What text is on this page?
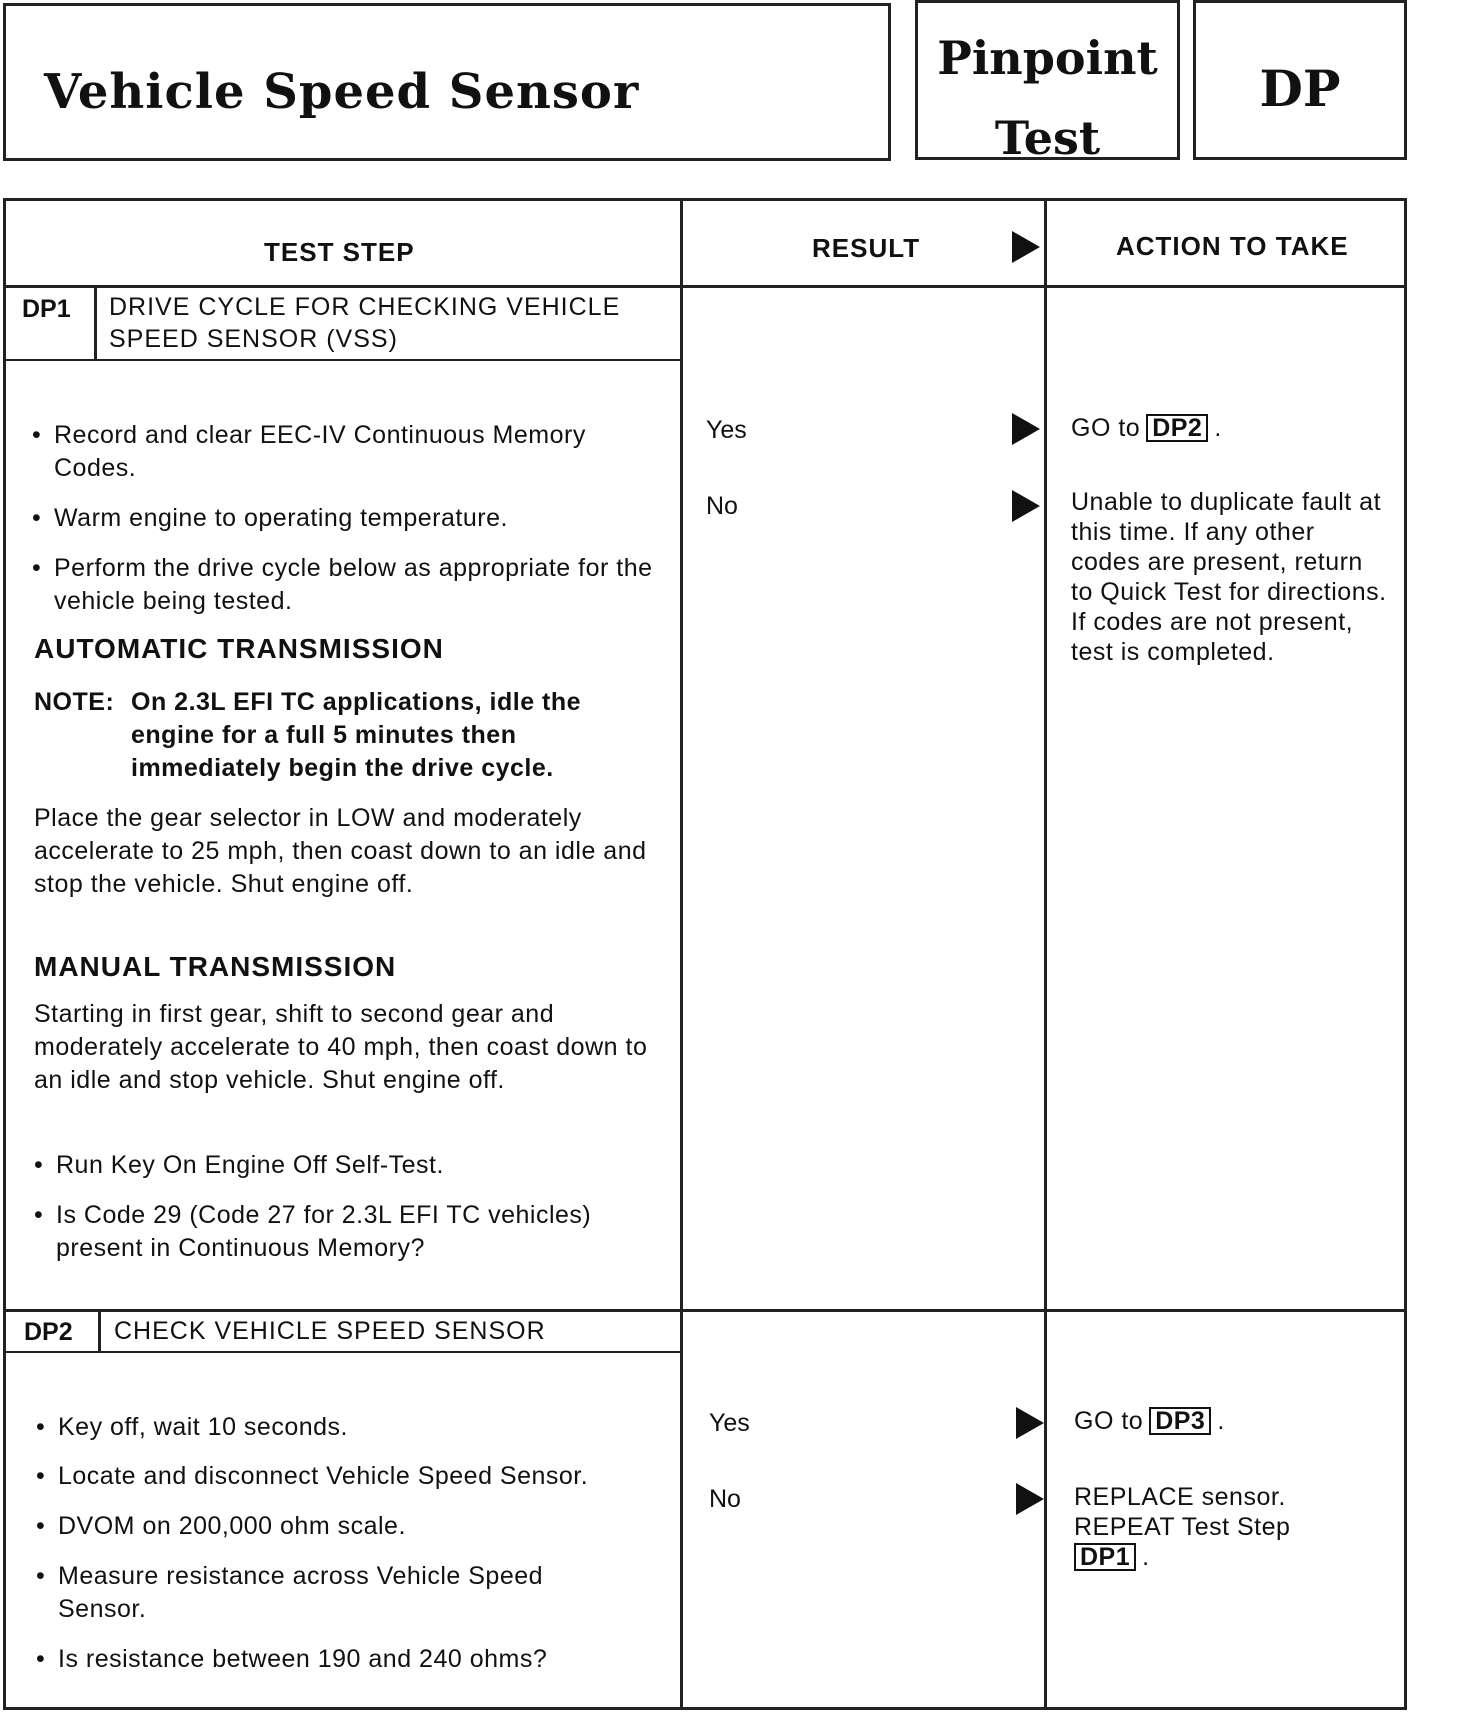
Vehicle Speed Sensor
Pinpoint
Test
DP
TEST STEP	RESULT	ACTION TO TAKE
DP1 DRIVE CYCLE FOR CHECKING VEHICLE SPEED SENSOR (VSS)
• Record and clear EEC-IV Continuous Memory Codes.
• Warm engine to operating temperature.
• Perform the drive cycle below as appropriate for the vehicle being tested.
AUTOMATIC TRANSMISSION
NOTE: On 2.3L EFI TC applications, idle the engine for a full 5 minutes then immediately begin the drive cycle.
Place the gear selector in LOW and moderately accelerate to 25 mph, then coast down to an idle and stop the vehicle. Shut engine off.
MANUAL TRANSMISSION
Starting in first gear, shift to second gear and moderately accelerate to 40 mph, then coast down to an idle and stop vehicle. Shut engine off.
• Run Key On Engine Off Self-Test.
• Is Code 29 (Code 27 for 2.3L EFI TC vehicles) present in Continuous Memory?
Yes	GO to DP2 .
No	Unable to duplicate fault at this time. If any other codes are present, return to Quick Test for directions. If codes are not present, test is completed.
DP2 CHECK VEHICLE SPEED SENSOR
• Key off, wait 10 seconds.
• Locate and disconnect Vehicle Speed Sensor.
• DVOM on 200,000 ohm scale.
• Measure resistance across Vehicle Speed Sensor.
• Is resistance between 190 and 240 ohms?
Yes	GO to DP3 .
No	REPLACE sensor. REPEAT Test Step
DP1 .
